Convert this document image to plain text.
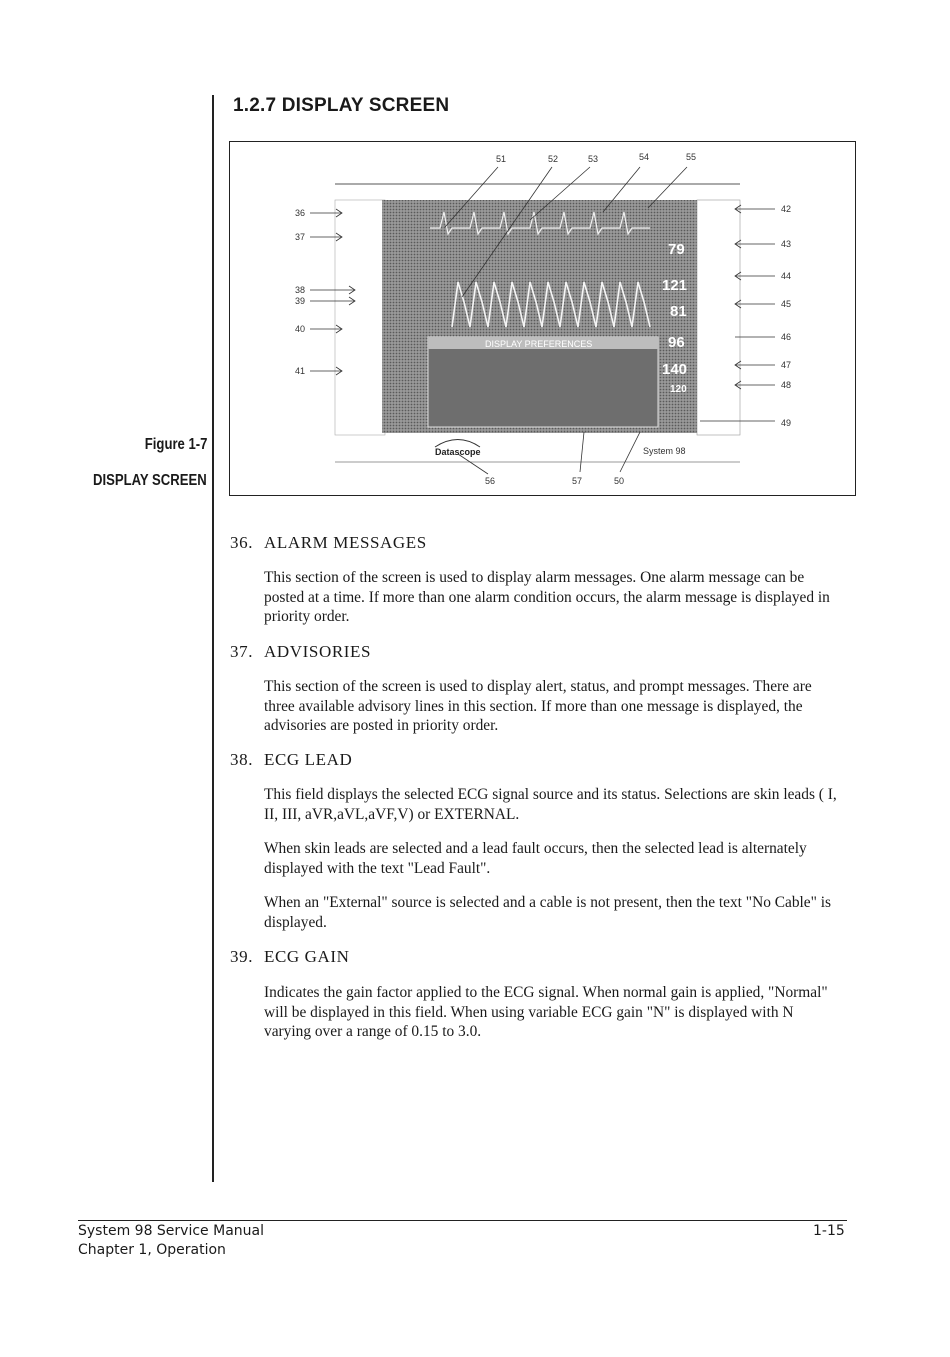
1.2.7 DISPLAY SCREEN
Figure 1-7
DISPLAY SCREEN
DISPLAY PREFERENCES
79
121
81
96
140
120
51	52	53	54	55
36
37
38
39
40
41
42
43
44
45
46
47
48
49
Datascope	System 98
56	57	50
36. ALARM MESSAGES
This section of the screen is used to display alarm messages. One alarm message can be posted at a time. If more than one alarm condition occurs, the alarm message is displayed in priority order.
37. ADVISORIES
This section of the screen is used to display alert, status, and prompt messages. There are three available advisory lines in this section. If more than one message is displayed, the advisories are posted in priority order.
38. ECG LEAD
This field displays the selected ECG signal source and its status. Selections are skin leads ( I, II, III, aVR,aVL,aVF,V) or EXTERNAL.
When skin leads are selected and a lead fault occurs, then the selected lead is alternately displayed with the text "Lead Fault".
When an "External" source is selected and a cable is not present, then the text "No Cable" is displayed.
39. ECG GAIN
Indicates the gain factor applied to the ECG signal. When normal gain is applied, "Normal" will be displayed in this field. When using variable ECG gain "N" is displayed with N varying over a range of 0.15 to 3.0.
System 98 Service Manual
Chapter 1, Operation
1-15
